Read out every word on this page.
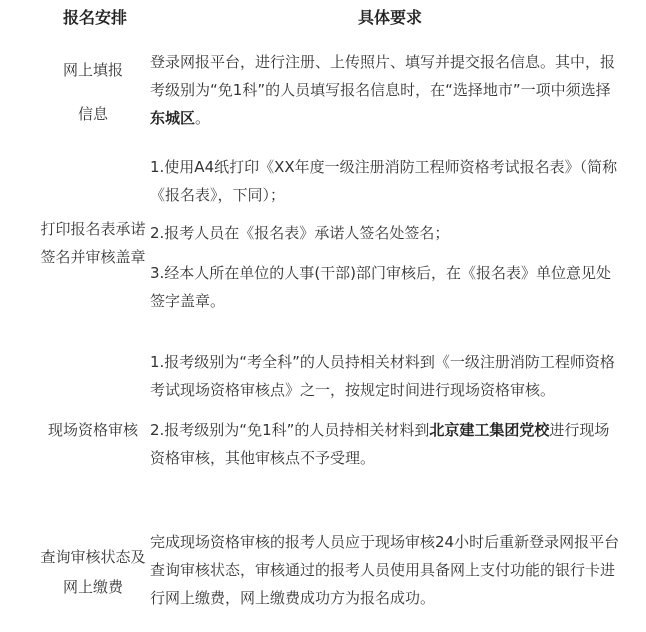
报名安排	具体要求
网上填报
信息

登录网报平台，进行注册、上传照片、填写并提交报名信息。其中，报考级别为“免1科”的人员填写报名信息时，在“选择地市”一项中须选择东城区。

打印报名表承诺
签名并审核盖章

1.使用A4纸打印《XX年度一级注册消防工程师资格考试报名表》（简称《报名表》，下同）；

2.报考人员在《报名表》承诺人签名处签名；

3.经本人所在单位的人事(干部)部门审核后，在《报名表》单位意见处签字盖章。

现场资格审核

1.报考级别为“考全科”的人员持相关材料到《一级注册消防工程师资格考试现场资格审核点》之一，按规定时间进行现场资格审核。

2.报考级别为“免1科”的人员持相关材料到北京建工集团党校进行现场资格审核，其他审核点不予受理。

查询审核状态及
网上缴费

完成现场资格审核的报考人员应于现场审核24小时后重新登录网报平台查询审核状态，审核通过的报考人员使用具备网上支付功能的银行卡进行网上缴费，网上缴费成功方为报名成功。
